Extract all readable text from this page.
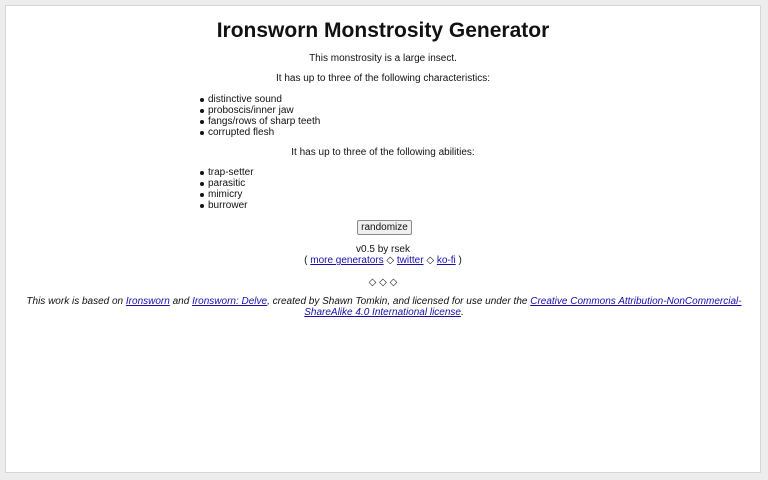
Ironsworn Monstrosity Generator
This monstrosity is a large insect.
It has up to three of the following characteristics:
distinctive sound
proboscis/inner jaw
fangs/rows of sharp teeth
corrupted flesh
It has up to three of the following abilities:
trap-setter
parasitic
mimicry
burrower
randomize
v0.5 by rsek
( more generators ◇ twitter ◇ ko-fi )
◇ ◇ ◇
This work is based on Ironsworn and Ironsworn: Delve, created by Shawn Tomkin, and licensed for use under the Creative Commons Attribution-NonCommercial-ShareAlike 4.0 International license.
